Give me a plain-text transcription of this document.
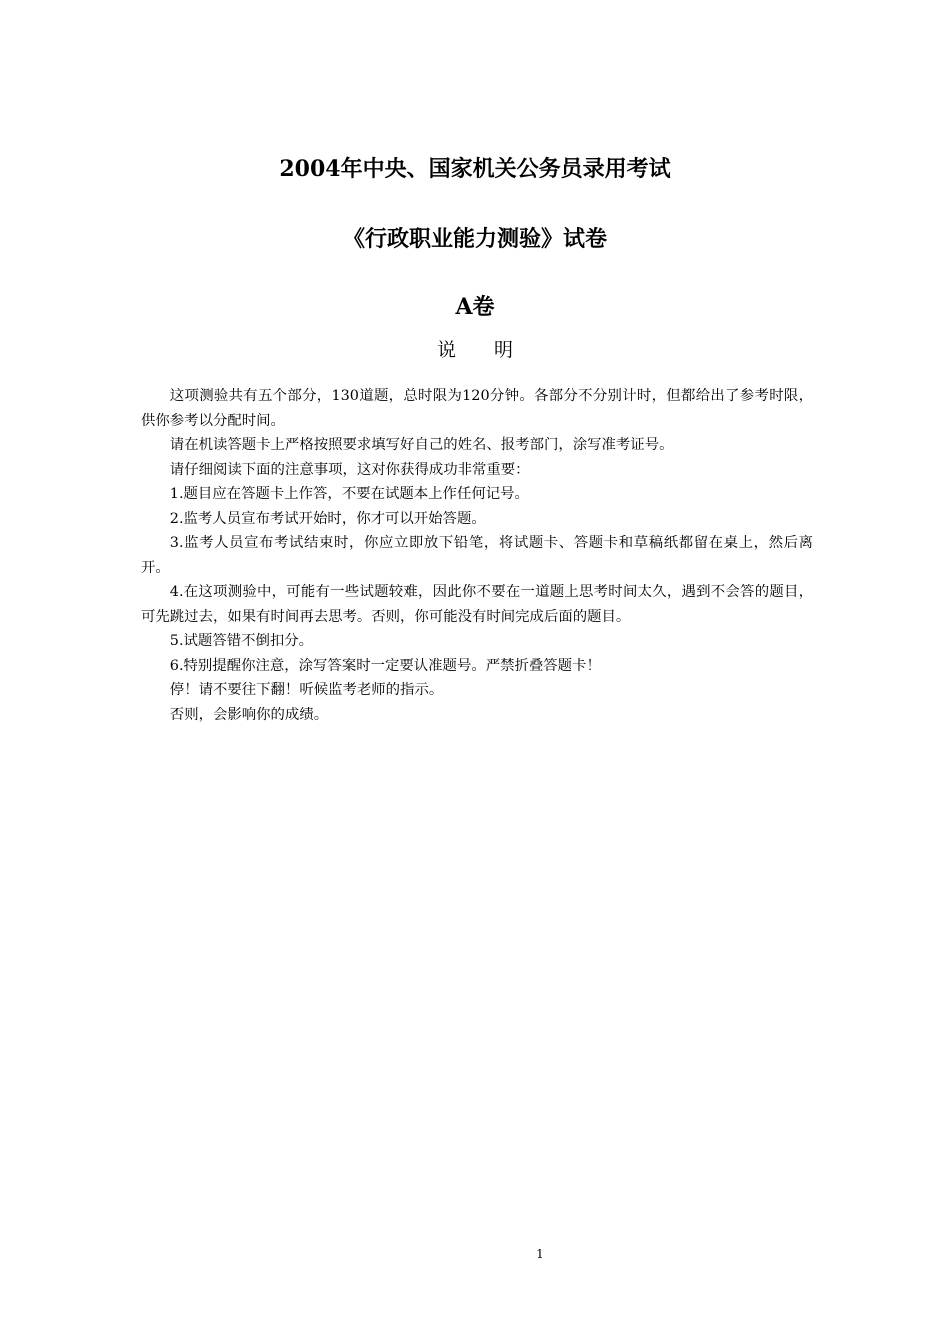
2004年中央、国家机关公务员录用考试
《行政职业能力测验》试卷
A卷
说　　明

这项测验共有五个部分，130道题，总时限为120分钟。各部分不分别计时，但都给出了参考时限，供你参考以分配时间。

请在机读答题卡上严格按照要求填写好自己的姓名、报考部门，涂写准考证号。

请仔细阅读下面的注意事项，这对你获得成功非常重要：

1.题目应在答题卡上作答，不要在试题本上作任何记号。

2.监考人员宣布考试开始时，你才可以开始答题。

3.监考人员宣布考试结束时，你应立即放下铅笔，将试题卡、答题卡和草稿纸都留在桌上，然后离开。

4.在这项测验中，可能有一些试题较难，因此你不要在一道题上思考时间太久，遇到不会答的题目，可先跳过去，如果有时间再去思考。否则，你可能没有时间完成后面的题目。

5.试题答错不倒扣分。

6.特别提醒你注意，涂写答案时一定要认准题号。严禁折叠答题卡！

停！请不要往下翻！听候监考老师的指示。

否则，会影响你的成绩。

1
